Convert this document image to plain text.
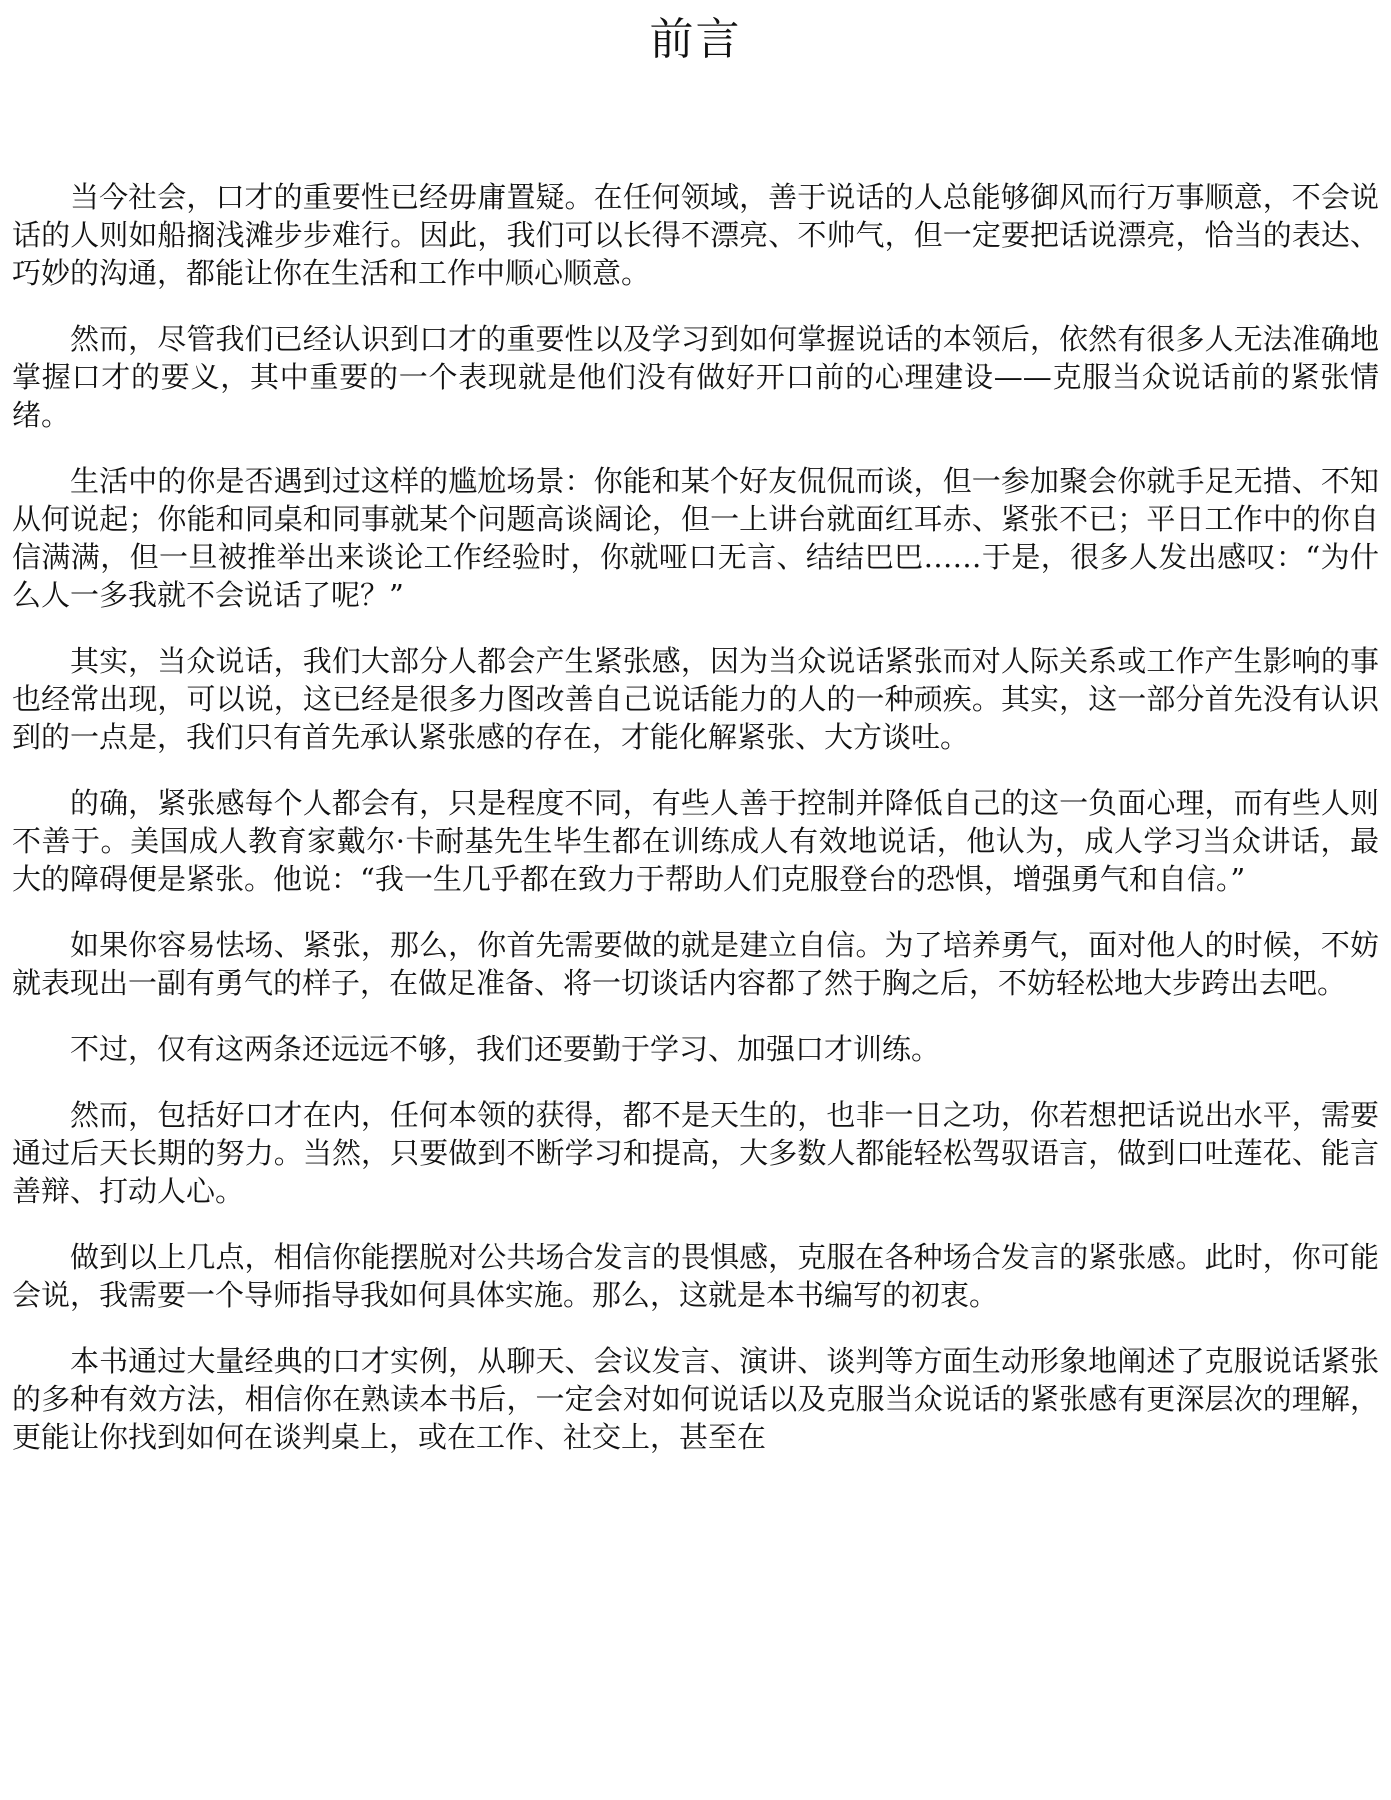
前言

当今社会，口才的重要性已经毋庸置疑。在任何领域，善于说话的人总能够御风而行万事顺意，不会说话的人则如船搁浅滩步步难行。因此，我们可以长得不漂亮、不帅气，但一定要把话说漂亮，恰当的表达、巧妙的沟通，都能让你在生活和工作中顺心顺意。

然而，尽管我们已经认识到口才的重要性以及学习到如何掌握说话的本领后，依然有很多人无法准确地掌握口才的要义，其中重要的一个表现就是他们没有做好开口前的心理建设——克服当众说话前的紧张情绪。

生活中的你是否遇到过这样的尴尬场景：你能和某个好友侃侃而谈，但一参加聚会你就手足无措、不知从何说起；你能和同桌和同事就某个问题高谈阔论，但一上讲台就面红耳赤、紧张不已；平日工作中的你自信满满，但一旦被推举出来谈论工作经验时，你就哑口无言、结结巴巴……于是，很多人发出感叹：“为什么人一多我就不会说话了呢？”

其实，当众说话，我们大部分人都会产生紧张感，因为当众说话紧张而对人际关系或工作产生影响的事也经常出现，可以说，这已经是很多力图改善自己说话能力的人的一种顽疾。其实，这一部分首先没有认识到的一点是，我们只有首先承认紧张感的存在，才能化解紧张、大方谈吐。

的确，紧张感每个人都会有，只是程度不同，有些人善于控制并降低自己的这一负面心理，而有些人则不善于。美国成人教育家戴尔·卡耐基先生毕生都在训练成人有效地说话，他认为，成人学习当众讲话，最大的障碍便是紧张。他说：“我一生几乎都在致力于帮助人们克服登台的恐惧，增强勇气和自信。”

如果你容易怯场、紧张，那么，你首先需要做的就是建立自信。为了培养勇气，面对他人的时候，不妨就表现出一副有勇气的样子，在做足准备、将一切谈话内容都了然于胸之后，不妨轻松地大步跨出去吧。

不过，仅有这两条还远远不够，我们还要勤于学习、加强口才训练。

然而，包括好口才在内，任何本领的获得，都不是天生的，也非一日之功，你若想把话说出水平，需要通过后天长期的努力。当然，只要做到不断学习和提高，大多数人都能轻松驾驭语言，做到口吐莲花、能言善辩、打动人心。

做到以上几点，相信你能摆脱对公共场合发言的畏惧感，克服在各种场合发言的紧张感。此时，你可能会说，我需要一个导师指导我如何具体实施。那么，这就是本书编写的初衷。

本书通过大量经典的口才实例，从聊天、会议发言、演讲、谈判等方面生动形象地阐述了克服说话紧张的多种有效方法，相信你在熟读本书后，一定会对如何说话以及克服当众说话的紧张感有更深层次的理解，更能让你找到如何在谈判桌上，或在工作、社交上，甚至在
